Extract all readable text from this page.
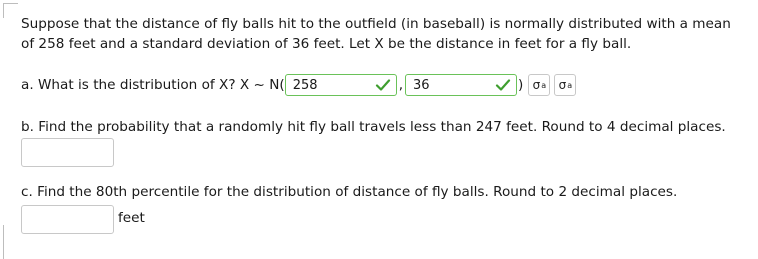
Suppose that the distance of fly balls hit to the outfield (in baseball) is normally distributed with a mean of 258 feet and a standard deviation of 36 feet. Let X be the distance in feet for a fly ball.
a. What is the distribution of X? X ~ N( 258	, 36	) σ a σ a
b. Find the probability that a randomly hit fly ball travels less than 247 feet. Round to 4 decimal places.
c. Find the 80th percentile for the distribution of distance of fly balls. Round to 2 decimal places.
feet
